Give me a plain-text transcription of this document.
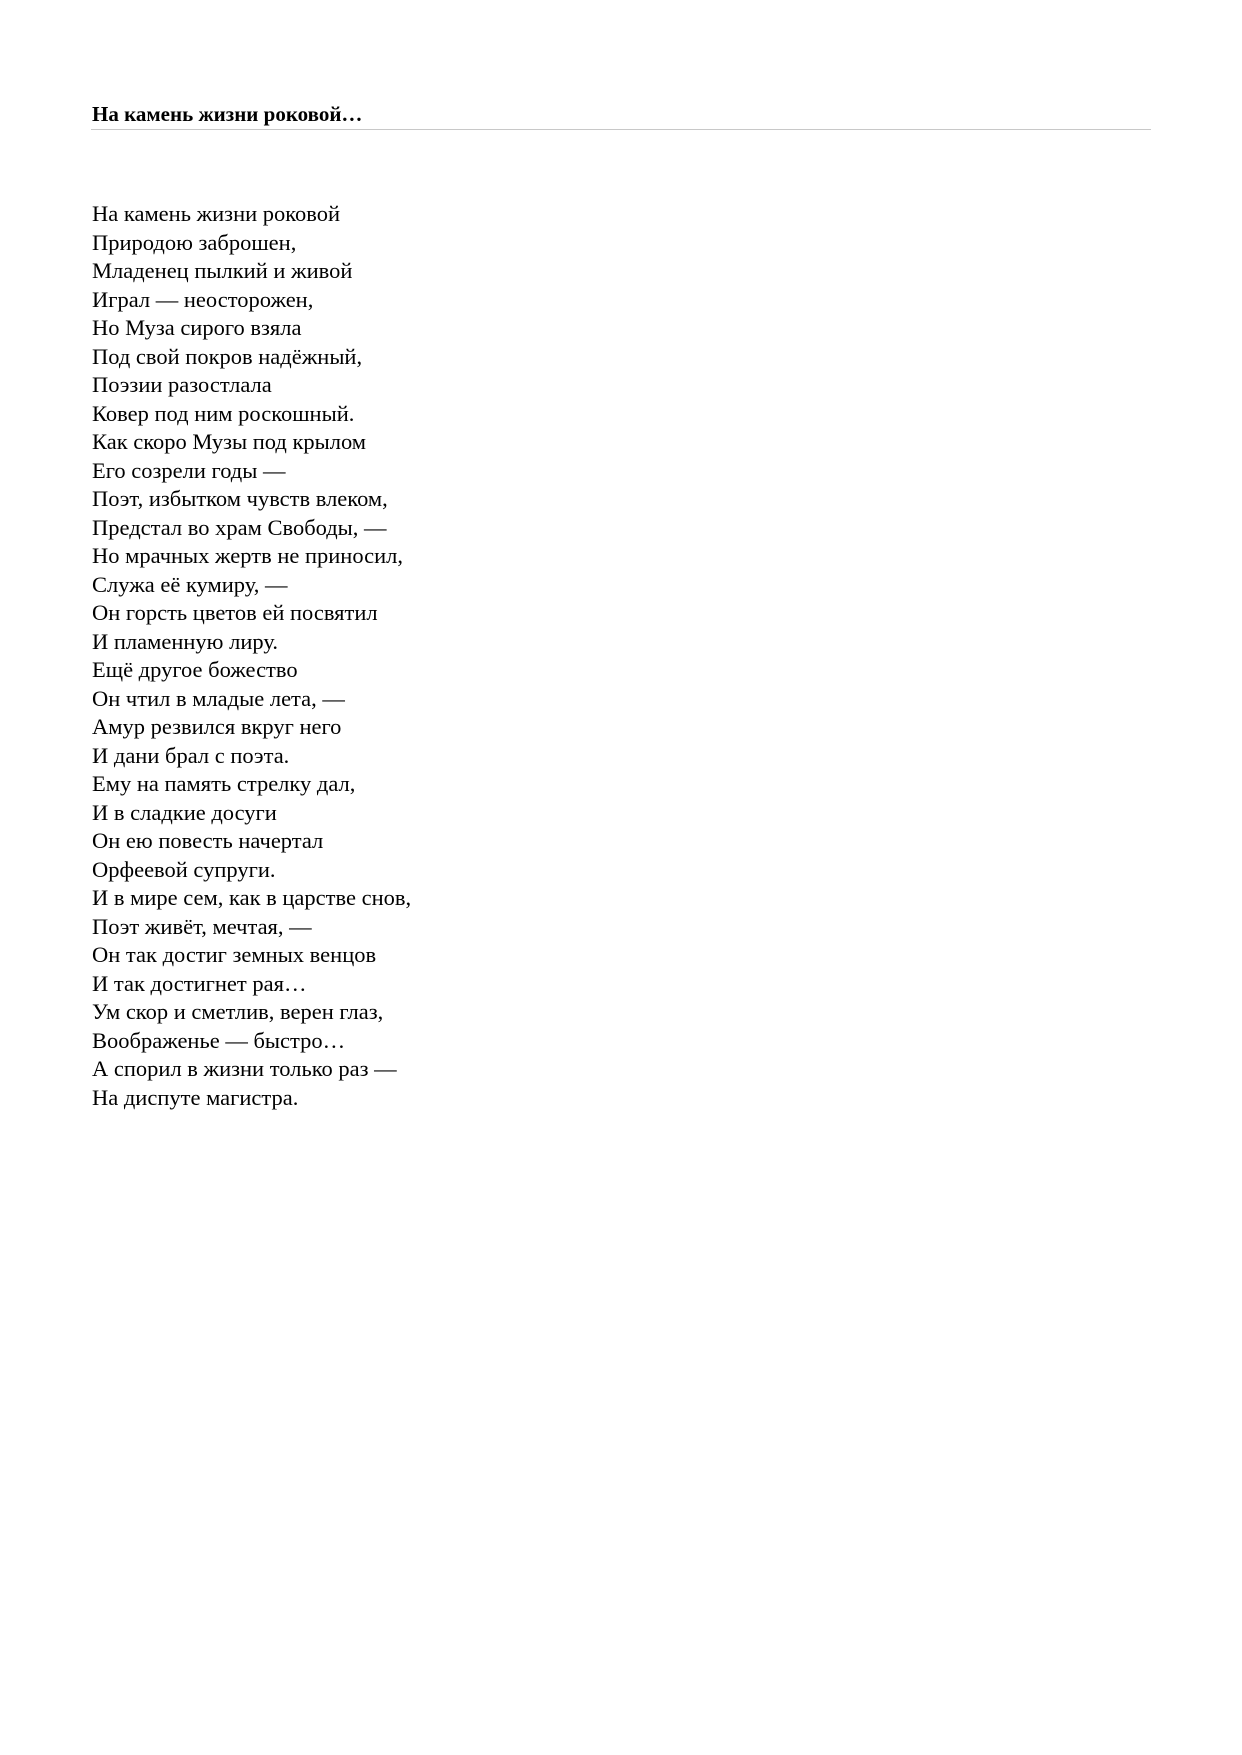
На камень жизни роковой…
На камень жизни роковой
Природою заброшен,
Младенец пылкий и живой
Играл — неосторожен,
Но Муза сирого взяла
Под свой покров надёжный,
Поэзии разостлала
Ковер под ним роскошный.
Как скоро Музы под крылом
Его созрели годы —
Поэт, избытком чувств влеком,
Предстал во храм Свободы, —
Но мрачных жертв не приносил,
Служа её кумиру, —
Он горсть цветов ей посвятил
И пламенную лиру.
Ещё другое божество
Он чтил в младые лета, —
Амур резвился вкруг него
И дани брал с поэта.
Ему на память стрелку дал,
И в сладкие досуги
Он ею повесть начертал
Орфеевой супруги.
И в мире сем, как в царстве снов,
Поэт живёт, мечтая, —
Он так достиг земных венцов
И так достигнет рая…
Ум скор и сметлив, верен глаз,
Воображенье — быстро…
А спорил в жизни только раз —
На диспуте магистра.
